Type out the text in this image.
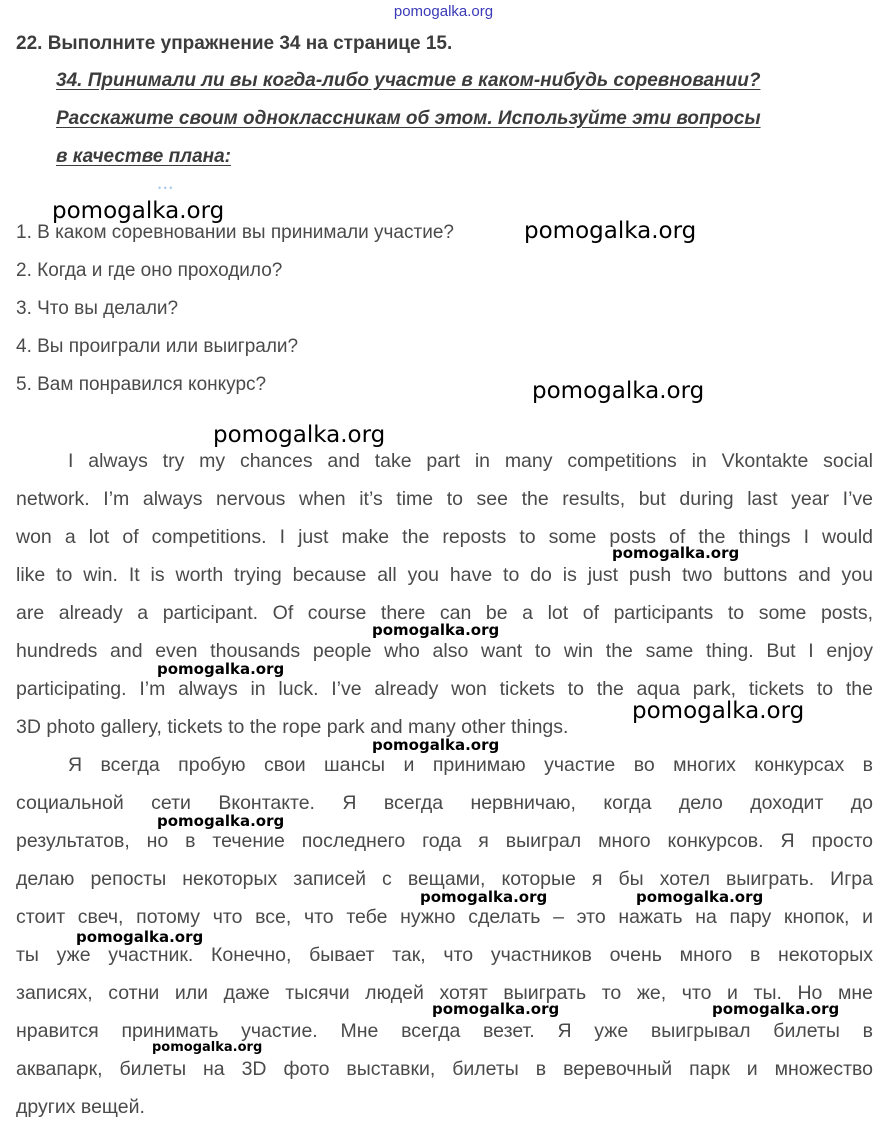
pomogalka.org
22. Выполните упражнение 34 на странице 15.
34. Принимали ли вы когда-либо участие в каком-нибудь соревновании?
Расскажите своим одноклассникам об этом. Используйте эти вопросы
в качестве плана:
• • •
1. В каком соревновании вы принимали участие?
2. Когда и где оно проходило?
3. Что вы делали?
4. Вы проиграли или выиграли?
5. Вам понравился конкурс?
I always try my chances and take part in many competitions in Vkontakte social
network. I’m always nervous when it’s time to see the results, but during last year I’ve
won a lot of competitions. I just make the reposts to some posts of the things I would
like to win. It is worth trying because all you have to do is just push two buttons and you
are already a participant. Of course there can be a lot of participants to some posts,
hundreds and even thousands people who also want to win the same thing. But I enjoy
participating. I’m always in luck. I’ve already won tickets to the aqua park, tickets to the
3D photo gallery, tickets to the rope park and many other things.
Я всегда пробую свои шансы и принимаю участие во многих конкурсах в
социальной сети Вконтакте. Я всегда нервничаю, когда дело доходит до
результатов, но в течение последнего года я выиграл много конкурсов. Я просто
делаю репосты некоторых записей с вещами, которые я бы хотел выиграть. Игра
стоит свеч, потому что все, что тебе нужно сделать – это нажать на пару кнопок, и
ты уже участник. Конечно, бывает так, что участников очень много в некоторых
записях, сотни или даже тысячи людей хотят выиграть то же, что и ты. Но мне
нравится принимать участие. Мне всегда везет. Я уже выигрывал билеты в
аквапарк, билеты на 3D фото выставки, билеты в веревочный парк и множество
других вещей.
pomogalka.org
pomogalka.org
pomogalka.org
pomogalka.org
pomogalka.org
pomogalka.org
pomogalka.org
pomogalka.org
pomogalka.org
pomogalka.org
pomogalka.org	pomogalka.org
pomogalka.org
pomogalka.org	pomogalka.org
pomogalka.org
